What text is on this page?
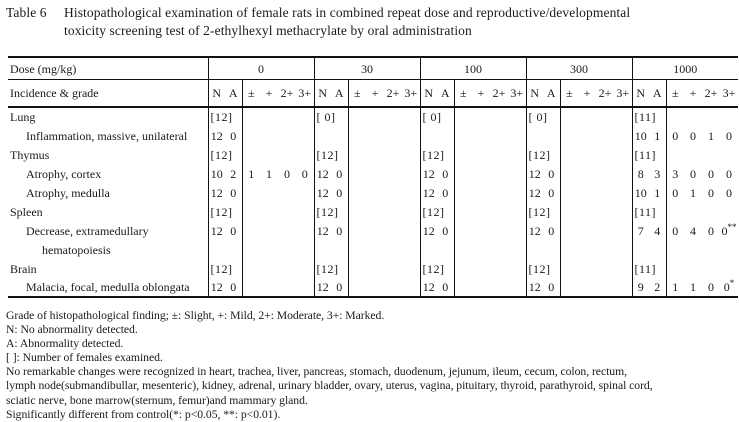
Table 6	Histopathological examination of female rats in combined repeat dose and reproductive/developmental
toxicity screening test of 2-ethylhexyl methacrylate by oral administration
Dose (mg/kg)	0						30						100						300						1000					
Incidence & grade	N	A	±	+	2+	3+	N	A	±	+	2+	3+	N	A	±	+	2+	3+	N	A	±	+	2+	3+	N	A	±	+	2+	3+
Lung	[12]						[ 0]						[ 0]						[ 0]						[11]					
Inflammation, massive, unilateral	12	0																							10	1	0	0	1	0
Thymus	[12]						[12]						[12]						[12]						[11]					
Atrophy, cortex	10	2	1	1	0	0	12	0					12	0					12	0					8	3	3	0	0	0
Atrophy, medulla	12	0					12	0					12	0					12	0					10	1	0	1	0	0
Spleen	[12]						[12]						[12]						[12]						[11]					
Decrease, extramedullary	12	0					12	0					12	0					12	0					7	4	0	4	0	0**
hematopoiesis																														
Brain	[12]						[12]						[12]						[12]						[11]					
Malacia, focal, medulla oblongata	12	0					12	0					12	0					12	0					9	2	1	1	0	0*
Grade of histopathological finding; ±: Slight, +: Mild, 2+: Moderate, 3+: Marked.
N: No abnormality detected.
A: Abnormality detected.
[ ]: Number of females examined.
No remarkable changes were recognized in heart, trachea, liver, pancreas, stomach, duodenum, jejunum, ileum, cecum, colon, rectum,
lymph node(submandibullar, mesenteric), kidney, adrenal, urinary bladder, ovary, uterus, vagina, pituitary, thyroid, parathyroid, spinal cord,
sciatic nerve, bone marrow(sternum, femur)and mammary gland.
Significantly different from control(*: p<0.05, **: p<0.01).
